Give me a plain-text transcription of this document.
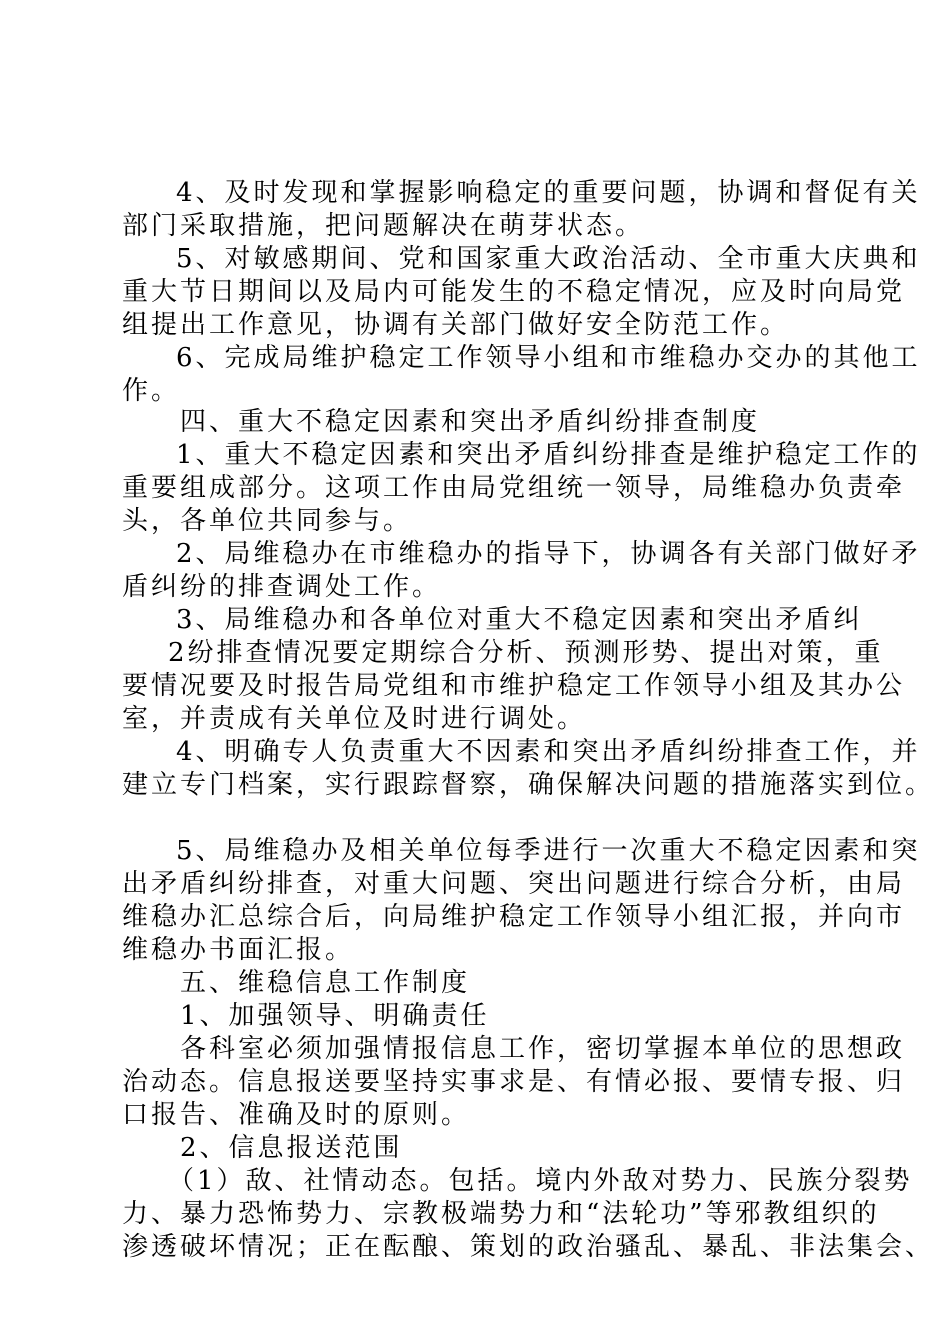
4、及时发现和掌握影响稳定的重要问题，协调和督促有关
部门采取措施，把问题解决在萌芽状态。
5、对敏感期间、党和国家重大政治活动、全市重大庆典和
重大节日期间以及局内可能发生的不稳定情况，应及时向局党
组提出工作意见，协调有关部门做好安全防范工作。
6、完成局维护稳定工作领导小组和市维稳办交办的其他工
作。
四、重大不稳定因素和突出矛盾纠纷排查制度
1、重大不稳定因素和突出矛盾纠纷排查是维护稳定工作的
重要组成部分。这项工作由局党组统一领导，局维稳办负责牵
头，各单位共同参与。
2、局维稳办在市维稳办的指导下，协调各有关部门做好矛
盾纠纷的排查调处工作。
3、局维稳办和各单位对重大不稳定因素和突出矛盾纠
2纷排查情况要定期综合分析、预测形势、提出对策，重
要情况要及时报告局党组和市维护稳定工作领导小组及其办公
室，并责成有关单位及时进行调处。
4、明确专人负责重大不因素和突出矛盾纠纷排查工作，并
建立专门档案，实行跟踪督察，确保解决问题的措施落实到位。
5、局维稳办及相关单位每季进行一次重大不稳定因素和突
出矛盾纠纷排查，对重大问题、突出问题进行综合分析，由局
维稳办汇总综合后，向局维护稳定工作领导小组汇报，并向市
维稳办书面汇报。
五、维稳信息工作制度
1、加强领导、明确责任
各科室必须加强情报信息工作，密切掌握本单位的思想政
治动态。信息报送要坚持实事求是、有情必报、要情专报、归
口报告、准确及时的原则。
2、信息报送范围
（1）敌、社情动态。包括。境内外敌对势力、民族分裂势
力、暴力恐怖势力、宗教极端势力和“法轮功”等邪教组织的
渗透破坏情况；正在酝酿、策划的政治骚乱、暴乱、非法集会、
